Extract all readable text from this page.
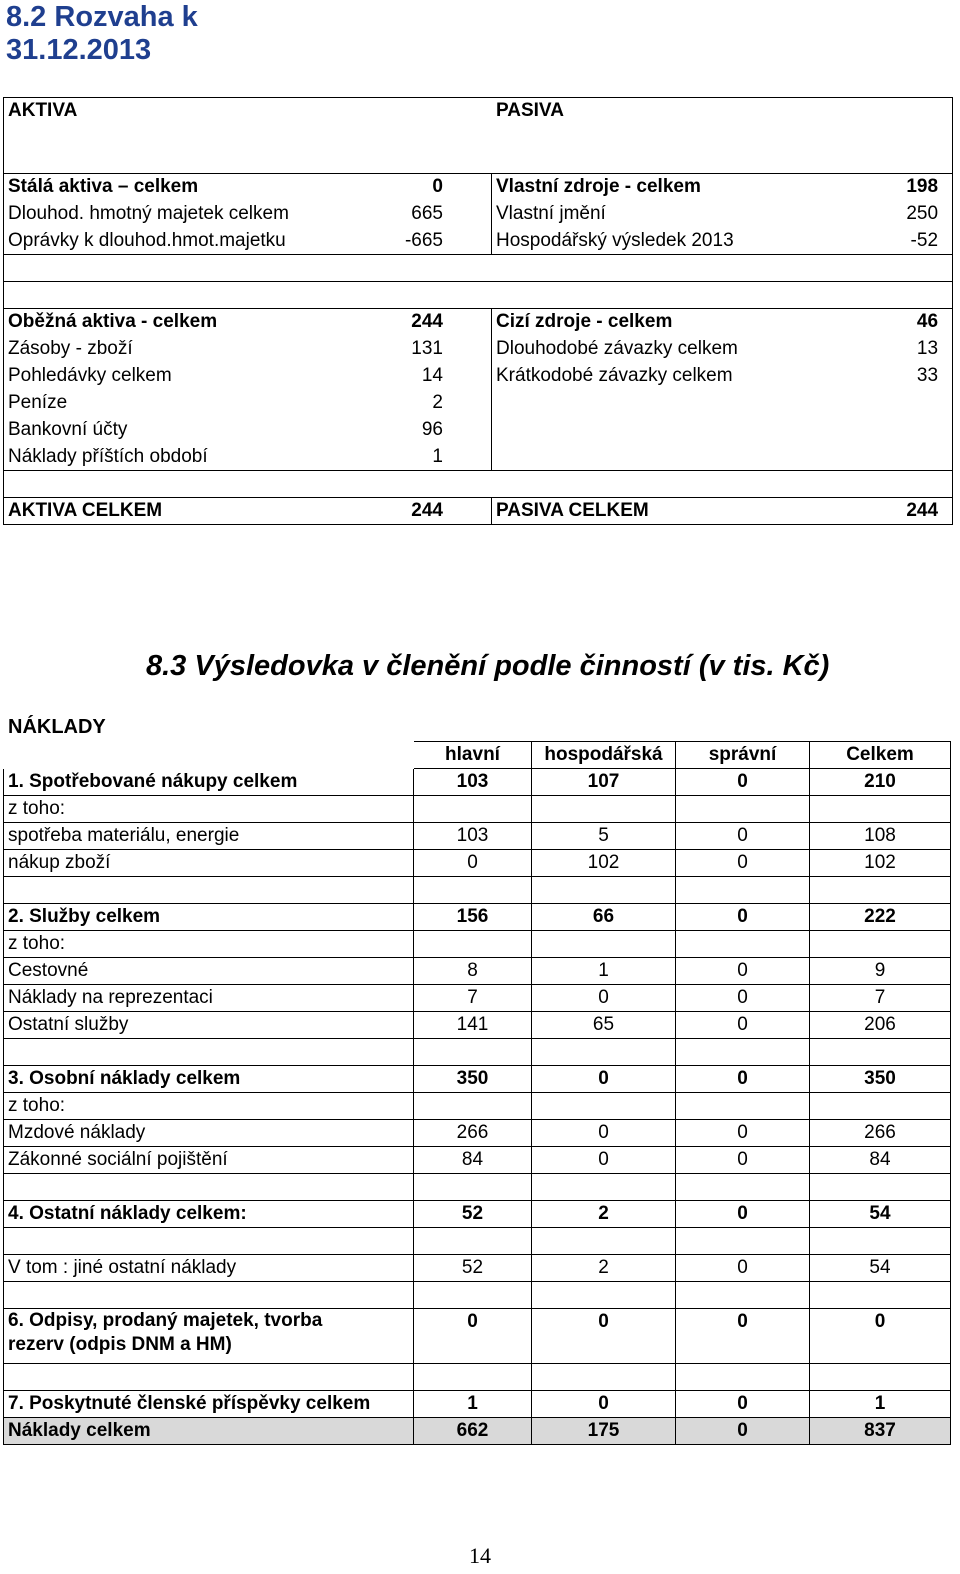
8.2 Rozvaha k
31.12.2013
AKTIVA		PASIVA	

Stálá aktiva – celkem	0	Vlastní zdroje - celkem	198
Dlouhod. hmotný majetek celkem	665	Vlastní jmění	250
Oprávky k dlouhod.hmot.majetku	-665	Hospodářský výsledek 2013	-52

Oběžná aktiva - celkem	244	Cizí zdroje - celkem	46
Zásoby - zboží	131	Dlouhodobé závazky celkem	13
Pohledávky celkem	14	Krátkodobé závazky celkem	33
Peníze	2		
Bankovní účty	96		
Náklady příštích období	1		

AKTIVA CELKEM	244	PASIVA CELKEM	244
8.3 Výsledovka v členění podle činností (v tis. Kč)
NÁKLADY
	hlavní	hospodářská	správní	Celkem
1. Spotřebované nákupy celkem	103	107	0	210
z toho:				
spotřeba materiálu, energie	103	5	0	108
nákup zboží	0	102	0	102

2. Služby celkem	156	66	0	222
z toho:				
Cestovné	8	1	0	9
Náklady na reprezentaci	7	0	0	7
Ostatní služby	141	65	0	206

3. Osobní náklady celkem	350	0	0	350
z toho:				
Mzdové náklady	266	0	0	266
Zákonné sociální pojištění	84	0	0	84

4. Ostatní náklady celkem:	52	2	0	54

V tom : jiné ostatní náklady	52	2	0	54

6. Odpisy, prodaný majetek, tvorba
rezerv (odpis DNM a HM)	0	0	0	0

7. Poskytnuté členské příspěvky celkem	1	0	0	1
Náklady celkem	662	175	0	837
14
